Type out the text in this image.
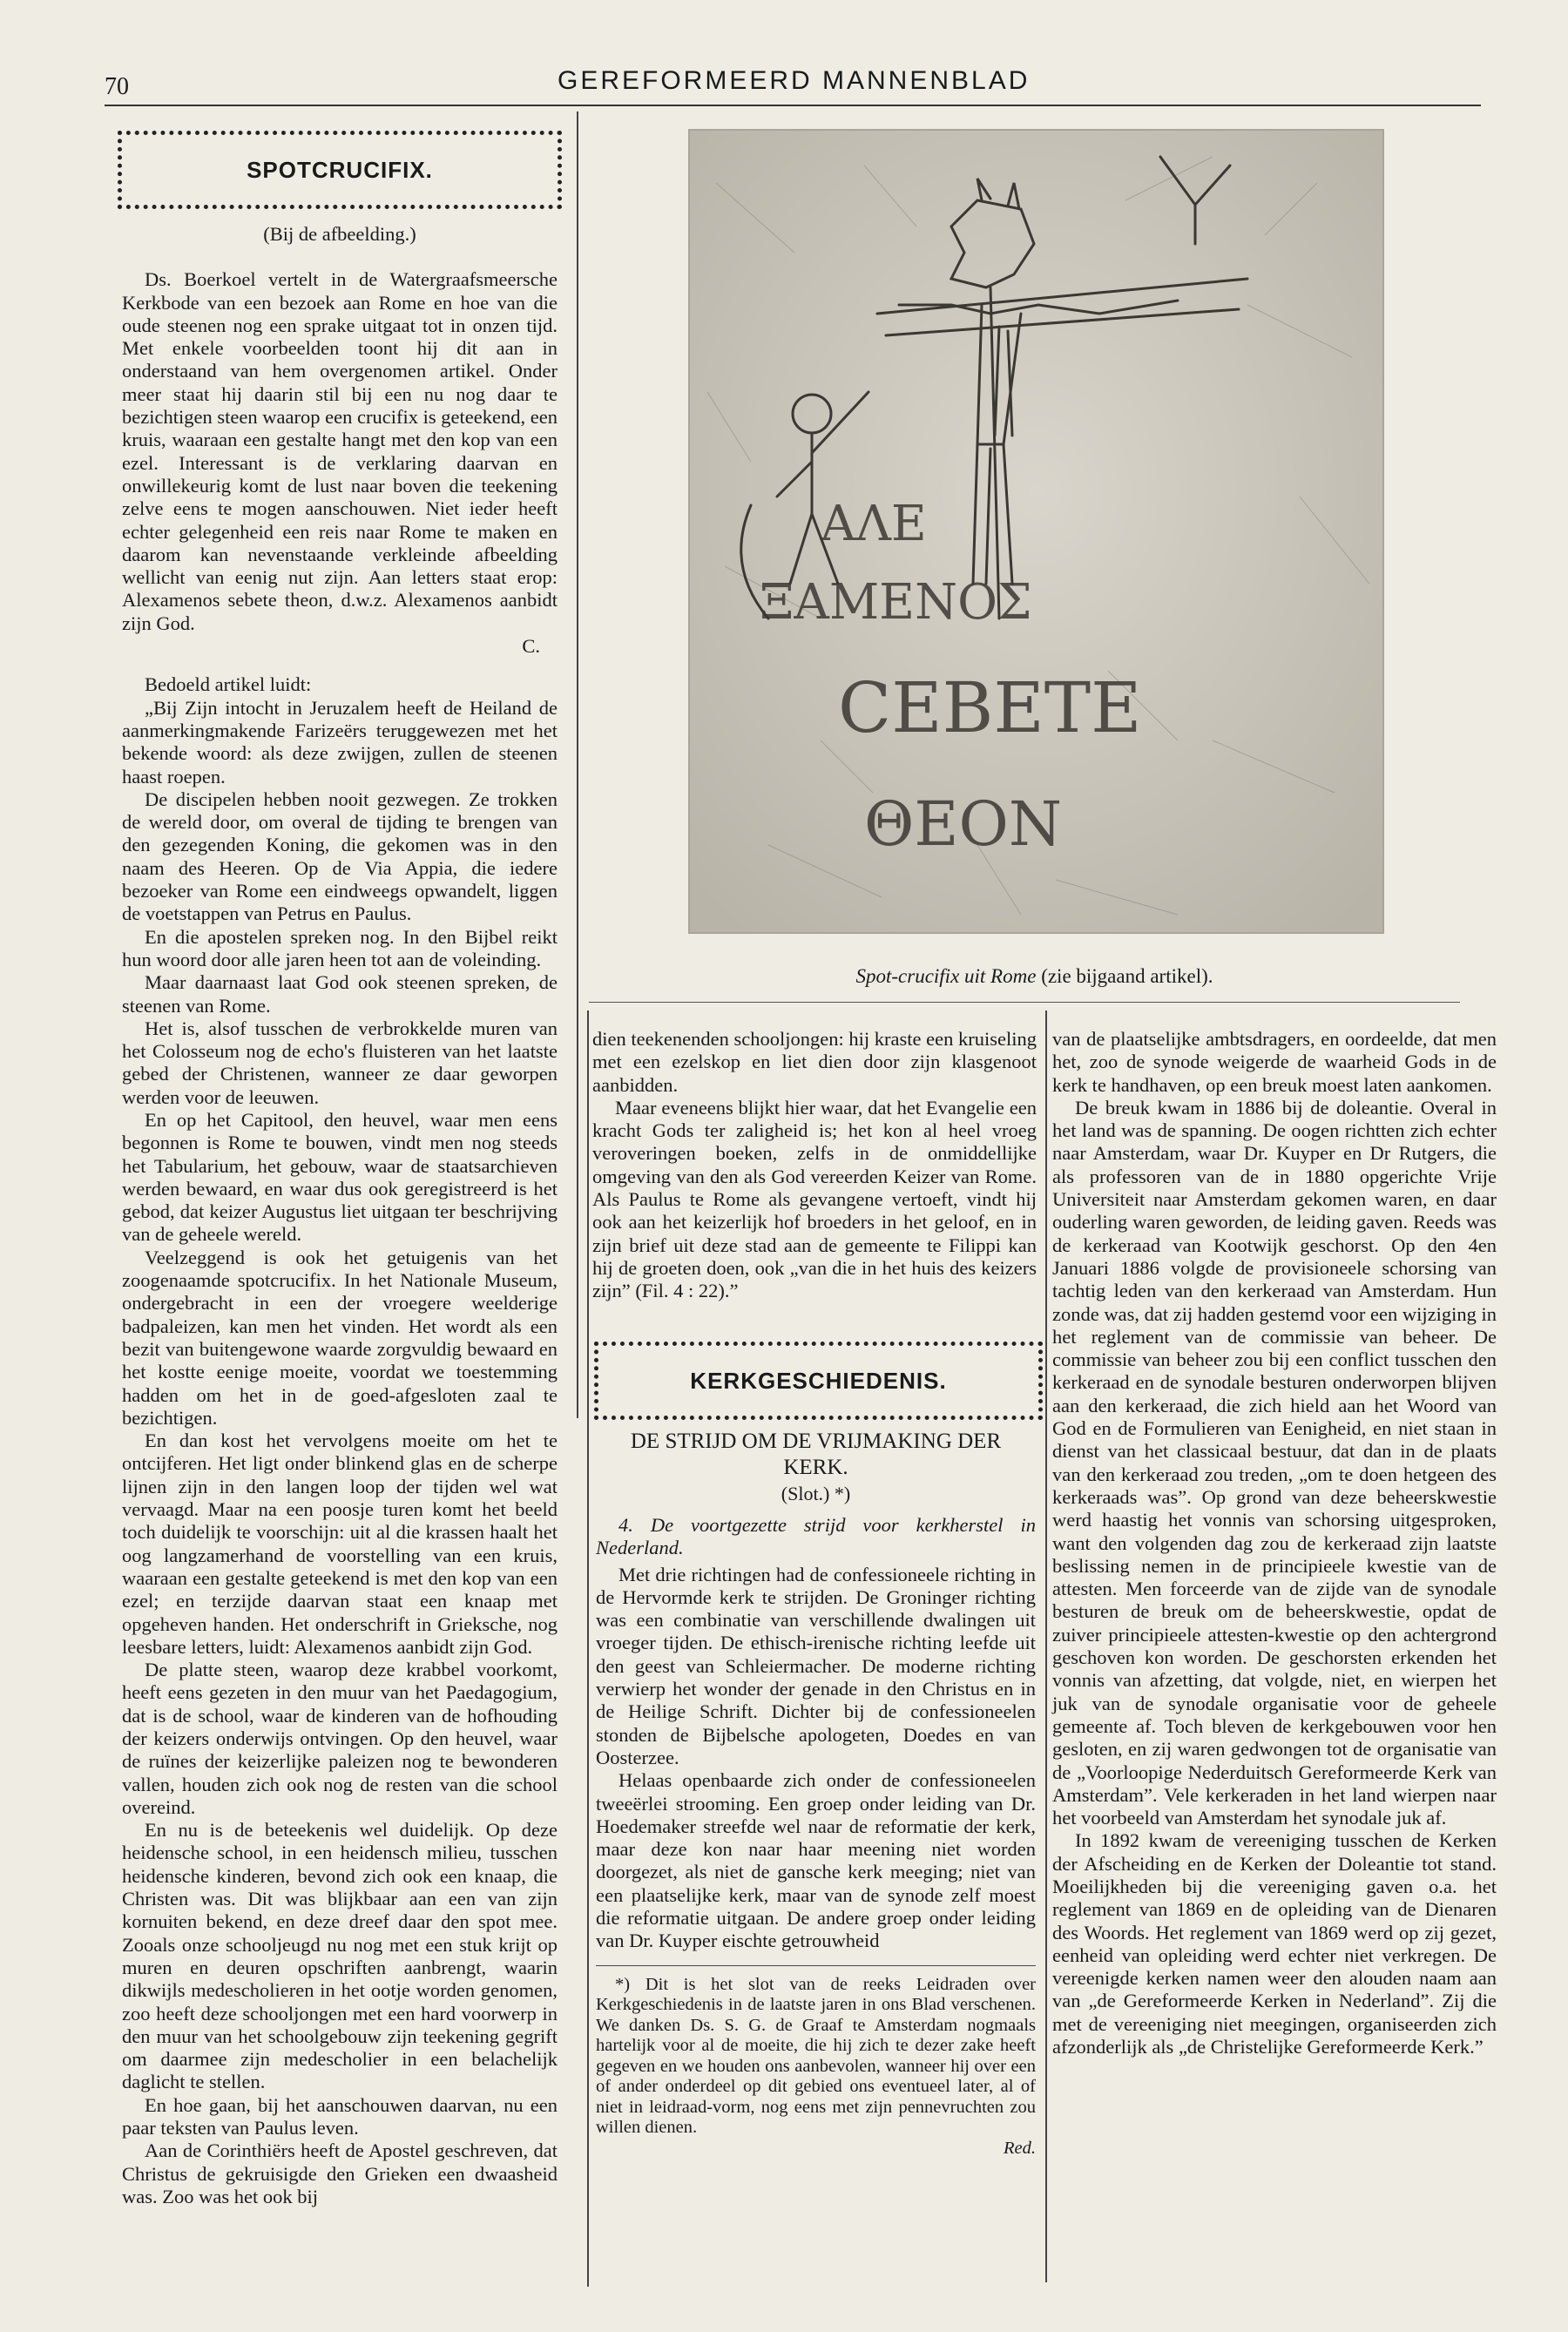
70	GEREFORMEERD MANNENBLAD
SPOTCRUCIFIX.

(Bij de afbeelding.)

Ds. Boerkoel vertelt in de Watergraafsmeersche Kerkbode van een bezoek aan Rome en hoe van die oude steenen nog een sprake uitgaat tot in onzen tijd. Met enkele voorbeelden toont hij dit aan in onderstaand van hem overgenomen artikel. Onder meer staat hij daarin stil bij een nu nog daar te bezichtigen steen waarop een crucifix is geteekend, een kruis, waaraan een gestalte hangt met den kop van een ezel. Interessant is de verklaring daarvan en onwillekeurig komt de lust naar boven die teekening zelve eens te mogen aanschouwen. Niet ieder heeft echter gelegenheid een reis naar Rome te maken en daarom kan nevenstaande verkleinde afbeelding wellicht van eenig nut zijn. Aan letters staat erop: Alexamenos sebete theon, d.w.z. Alexamenos aanbidt zijn God.

C.

Bedoeld artikel luidt:

„Bij Zijn intocht in Jeruzalem heeft de Heiland de aanmerkingmakende Farizeërs teruggewezen met het bekende woord: als deze zwijgen, zullen de steenen haast roepen.

De discipelen hebben nooit gezwegen. Ze trokken de wereld door, om overal de tijding te brengen van den gezegenden Koning, die gekomen was in den naam des Heeren. Op de Via Appia, die iedere bezoeker van Rome een eindweegs opwandelt, liggen de voetstappen van Petrus en Paulus.

En die apostelen spreken nog. In den Bijbel reikt hun woord door alle jaren heen tot aan de voleinding.

Maar daarnaast laat God ook steenen spreken, de steenen van Rome.

Het is, alsof tusschen de verbrokkelde muren van het Colosseum nog de echo's fluisteren van het laatste gebed der Christenen, wanneer ze daar geworpen werden voor de leeuwen.

En op het Capitool, den heuvel, waar men eens begonnen is Rome te bouwen, vindt men nog steeds het Tabularium, het gebouw, waar de staatsarchieven werden bewaard, en waar dus ook geregistreerd is het gebod, dat keizer Augustus liet uitgaan ter beschrijving van de geheele wereld.

Veelzeggend is ook het getuigenis van het zoogenaamde spotcrucifix. In het Nationale Museum, ondergebracht in een der vroegere weelderige badpaleizen, kan men het vinden. Het wordt als een bezit van buitengewone waarde zorgvuldig bewaard en het kostte eenige moeite, voordat we toestemming hadden om het in de goed-afgesloten zaal te bezichtigen.

En dan kost het vervolgens moeite om het te ontcijferen. Het ligt onder blinkend glas en de scherpe lijnen zijn in den langen loop der tijden wel wat vervaagd. Maar na een poosje turen komt het beeld toch duidelijk te voorschijn: uit al die krassen haalt het oog langzamerhand de voorstelling van een kruis, waaraan een gestalte geteekend is met den kop van een ezel; en terzijde daarvan staat een knaap met opgeheven handen. Het onderschrift in Grieksche, nog leesbare letters, luidt: Alexamenos aanbidt zijn God.

De platte steen, waarop deze krabbel voorkomt, heeft eens gezeten in den muur van het Paedagogium, dat is de school, waar de kinderen van de hofhouding der keizers onderwijs ontvingen. Op den heuvel, waar de ruïnes der keizerlijke paleizen nog te bewonderen vallen, houden zich ook nog de resten van die school overeind.

En nu is de beteekenis wel duidelijk. Op deze heidensche school, in een heidensch milieu, tusschen heidensche kinderen, bevond zich ook een knaap, die Christen was. Dit was blijkbaar aan een van zijn kornuiten bekend, en deze dreef daar den spot mee. Zooals onze schooljeugd nu nog met een stuk krijt op muren en deuren opschriften aanbrengt, waarin dikwijls medescholieren in het ootje worden genomen, zoo heeft deze schooljongen met een hard voorwerp in den muur van het schoolgebouw zijn teekening gegrift om daarmee zijn medescholier in een belachelijk daglicht te stellen.

En hoe gaan, bij het aanschouwen daarvan, nu een paar teksten van Paulus leven.

Aan de Corinthiërs heeft de Apostel geschreven, dat Christus de gekruisigde den Grieken een dwaasheid was. Zoo was het ook bij

ΑΛΕ
ΞΑΜΕΝΟΣ
CEBETE
ΘΕΟΝ
Spot-crucifix uit Rome (zie bijgaand artikel).

dien teekenenden schooljongen: hij kraste een kruiseling met een ezelskop en liet dien door zijn klasgenoot aanbidden.

Maar eveneens blijkt hier waar, dat het Evangelie een kracht Gods ter zaligheid is; het kon al heel vroeg veroveringen boeken, zelfs in de onmiddellijke omgeving van den als God vereerden Keizer van Rome. Als Paulus te Rome als gevangene vertoeft, vindt hij ook aan het keizerlijk hof broeders in het geloof, en in zijn brief uit deze stad aan de gemeente te Filippi kan hij de groeten doen, ook „van die in het huis des keizers zijn” (Fil. 4 : 22).”

KERKGESCHIEDENIS.
DE STRIJD OM DE VRIJMAKING DER KERK.
(Slot.) *)

4. De voortgezette strijd voor kerkherstel in Nederland.

Met drie richtingen had de confessioneele richting in de Hervormde kerk te strijden. De Groninger richting was een combinatie van verschillende dwalingen uit vroeger tijden. De ethisch-irenische richting leefde uit den geest van Schleiermacher. De moderne richting verwierp het wonder der genade in den Christus en in de Heilige Schrift. Dichter bij de confessioneelen stonden de Bijbelsche apologeten, Doedes en van Oosterzee.

Helaas openbaarde zich onder de confessioneelen tweeërlei strooming. Een groep onder leiding van Dr. Hoedemaker streefde wel naar de reformatie der kerk, maar deze kon naar haar meening niet worden doorgezet, als niet de gansche kerk meeging; niet van een plaatselijke kerk, maar van de synode zelf moest die reformatie uitgaan. De andere groep onder leiding van Dr. Kuyper eischte getrouwheid

*) Dit is het slot van de reeks Leidraden over Kerkgeschiedenis in de laatste jaren in ons Blad verschenen. We danken Ds. S. G. de Graaf te Amsterdam nogmaals hartelijk voor al de moeite, die hij zich te dezer zake heeft gegeven en we houden ons aanbevolen, wanneer hij over een of ander onderdeel op dit gebied ons eventueel later, al of niet in leidraad-vorm, nog eens met zijn pennevruchten zou willen dienen.

Red.

van de plaatselijke ambtsdragers, en oordeelde, dat men het, zoo de synode weigerde de waarheid Gods in de kerk te handhaven, op een breuk moest laten aankomen.

De breuk kwam in 1886 bij de doleantie. Overal in het land was de spanning. De oogen richtten zich echter naar Amsterdam, waar Dr. Kuyper en Dr Rutgers, die als professoren van de in 1880 opgerichte Vrije Universiteit naar Amsterdam gekomen waren, en daar ouderling waren geworden, de leiding gaven. Reeds was de kerkeraad van Kootwijk geschorst. Op den 4en Januari 1886 volgde de provisioneele schorsing van tachtig leden van den kerkeraad van Amsterdam. Hun zonde was, dat zij hadden gestemd voor een wijziging in het reglement van de commissie van beheer. De commissie van beheer zou bij een conflict tusschen den kerkeraad en de synodale besturen onderworpen blijven aan den kerkeraad, die zich hield aan het Woord van God en de Formulieren van Eenigheid, en niet staan in dienst van het classicaal bestuur, dat dan in de plaats van den kerkeraad zou treden, „om te doen hetgeen des kerkeraads was”. Op grond van deze beheerskwestie werd haastig het vonnis van schorsing uitgesproken, want den volgenden dag zou de kerkeraad zijn laatste beslissing nemen in de principieele kwestie van de attesten. Men forceerde van de zijde van de synodale besturen de breuk om de beheerskwestie, opdat de zuiver principieele attesten-kwestie op den achtergrond geschoven kon worden. De geschorsten erkenden het vonnis van afzetting, dat volgde, niet, en wierpen het juk van de synodale organisatie voor de geheele gemeente af. Toch bleven de kerkgebouwen voor hen gesloten, en zij waren gedwongen tot de organisatie van de „Voorloopige Nederduitsch Gereformeerde Kerk van Amsterdam”. Vele kerkeraden in het land wierpen naar het voorbeeld van Amsterdam het synodale juk af.

In 1892 kwam de vereeniging tusschen de Kerken der Afscheiding en de Kerken der Doleantie tot stand. Moeilijkheden bij die vereeniging gaven o.a. het reglement van 1869 en de opleiding van de Dienaren des Woords. Het reglement van 1869 werd op zij gezet, eenheid van opleiding werd echter niet verkregen. De vereenigde kerken namen weer den alouden naam aan van „de Gereformeerde Kerken in Nederland”. Zij die met de vereeniging niet meegingen, organiseerden zich afzonderlijk als „de Christelijke Gereformeerde Kerk.”
